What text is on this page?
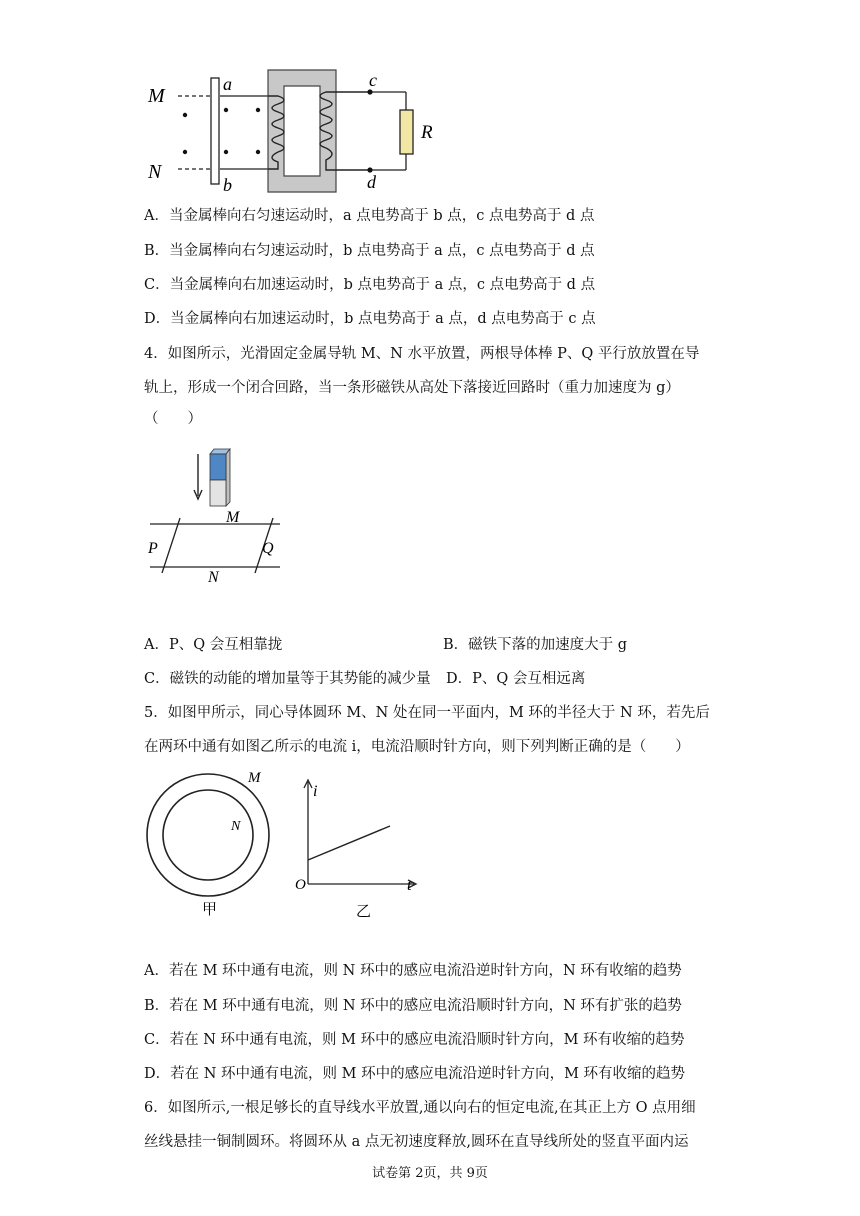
M
N
a
b
c
d
R
A．当金属棒向右匀速运动时，a 点电势高于 b 点，c 点电势高于 d 点
B．当金属棒向右匀速运动时，b 点电势高于 a 点，c 点电势高于 d 点
C．当金属棒向右加速运动时，b 点电势高于 a 点，c 点电势高于 d 点
D．当金属棒向右加速运动时，b 点电势高于 a 点，d 点电势高于 c 点
4．如图所示，光滑固定金属导轨 M、N 水平放置，两根导体棒 P、Q 平行放放置在导
轨上，形成一个闭合回路，当一条形磁铁从高处下落接近回路时（重力加速度为 g）
（　　）
M
N
P	Q
A．P、Q 会互相靠拢	B．磁铁下落的加速度大于 g
C．磁铁的动能的增加量等于其势能的减少量 D．P、Q 会互相远离
5．如图甲所示，同心导体圆环 M、N 处在同一平面内，M 环的半径大于 N 环，若先后
在两环中通有如图乙所示的电流 i，电流沿顺时针方向，则下列判断正确的是（　　）
M
N
甲
i
O	t
乙
A．若在 M 环中通有电流，则 N 环中的感应电流沿逆时针方向，N 环有收缩的趋势
B．若在 M 环中通有电流，则 N 环中的感应电流沿顺时针方向，N 环有扩张的趋势
C．若在 N 环中通有电流，则 M 环中的感应电流沿顺时针方向，M 环有收缩的趋势
D．若在 N 环中通有电流，则 M 环中的感应电流沿逆时针方向，M 环有收缩的趋势
6．如图所示,一根足够长的直导线水平放置,通以向右的恒定电流,在其正上方 O 点用细
丝线悬挂一铜制圆环。将圆环从 a 点无初速度释放,圆环在直导线所处的竖直平面内运
试卷第 2页，共 9页
